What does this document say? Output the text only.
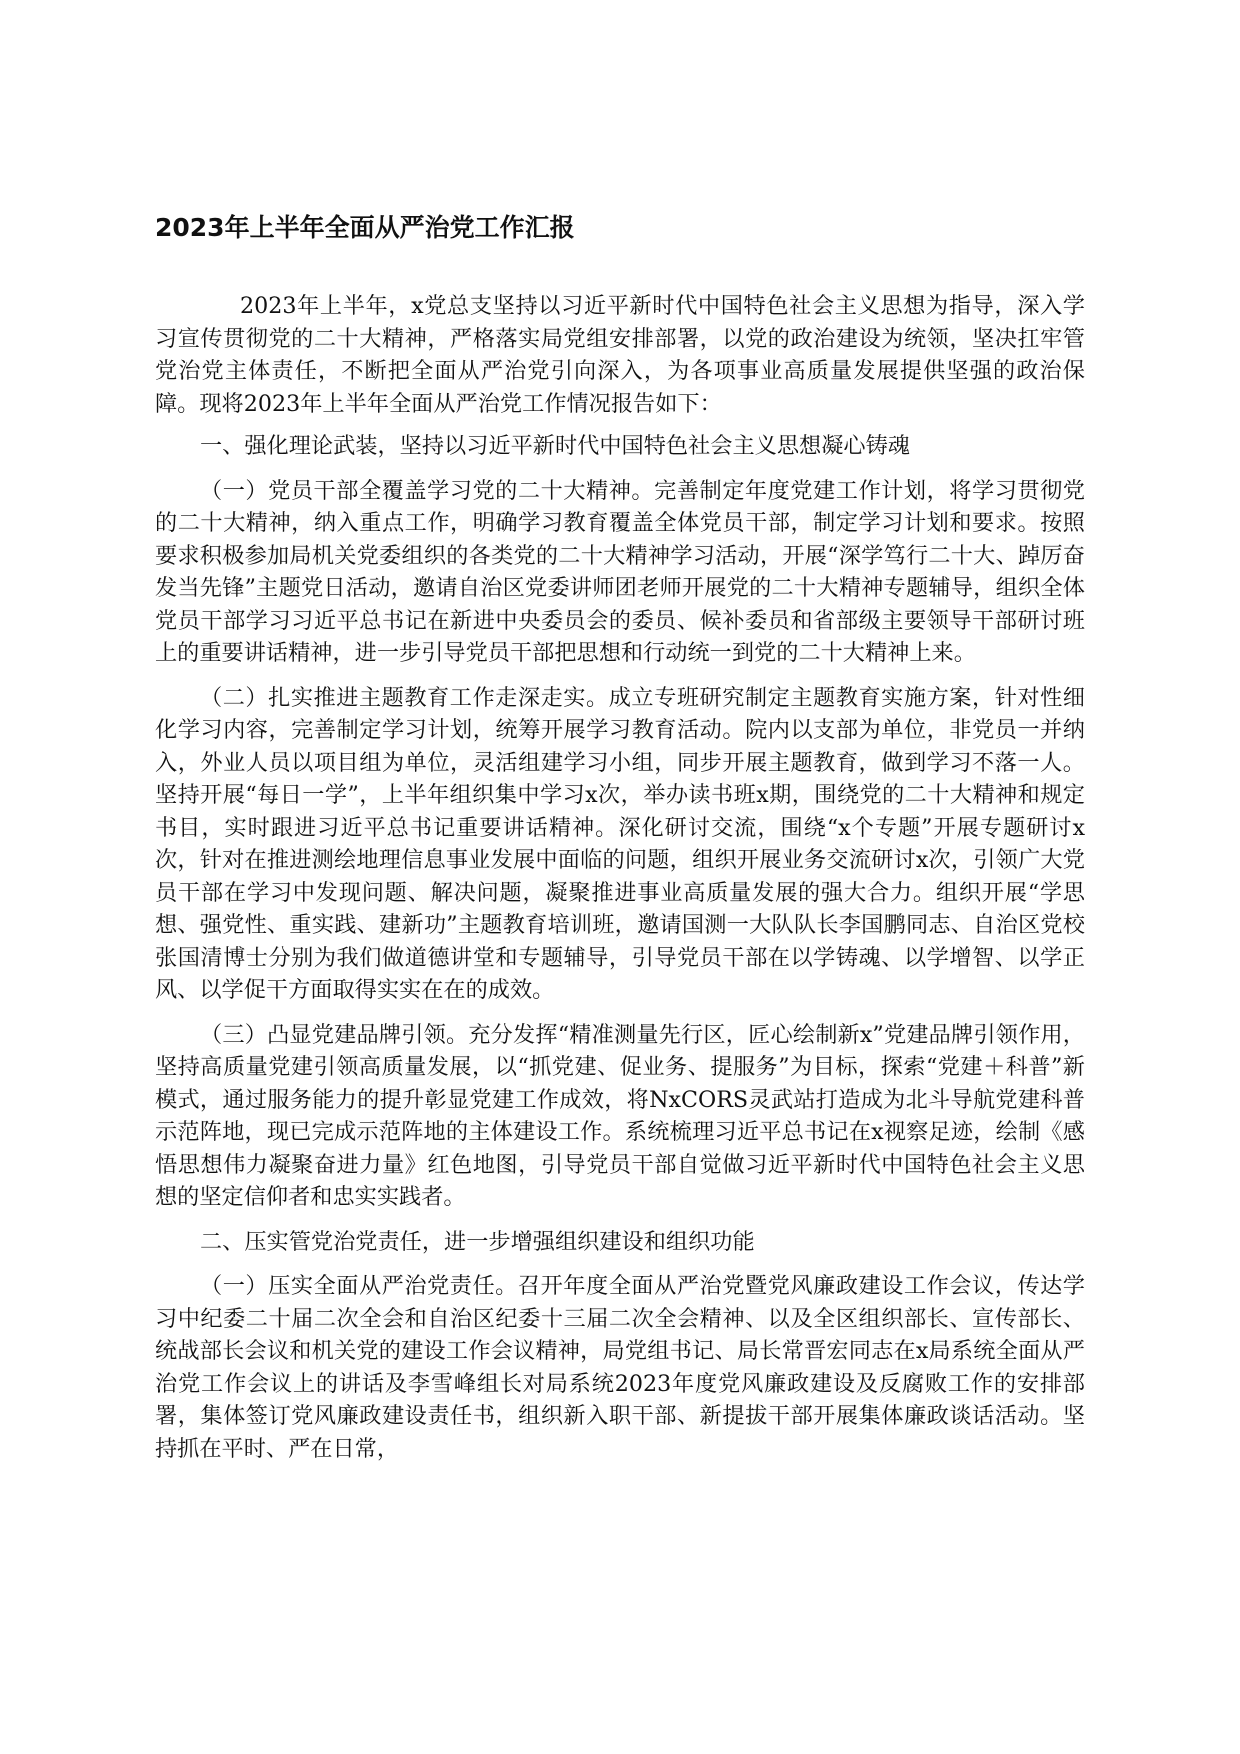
2023年上半年全面从严治党工作汇报

2023年上半年，x党总支坚持以习近平新时代中国特色社会主义思想为指导，深入学习宣传贯彻党的二十大精神，严格落实局党组安排部署，以党的政治建设为统领，坚决扛牢管党治党主体责任，不断把全面从严治党引向深入，为各项事业高质量发展提供坚强的政治保障。现将2023年上半年全面从严治党工作情况报告如下：

一、强化理论武装，坚持以习近平新时代中国特色社会主义思想凝心铸魂

（一）党员干部全覆盖学习党的二十大精神。完善制定年度党建工作计划，将学习贯彻党的二十大精神，纳入重点工作，明确学习教育覆盖全体党员干部，制定学习计划和要求。按照要求积极参加局机关党委组织的各类党的二十大精神学习活动，开展“深学笃行二十大、踔厉奋发当先锋”主题党日活动，邀请自治区党委讲师团老师开展党的二十大精神专题辅导，组织全体党员干部学习习近平总书记在新进中央委员会的委员、候补委员和省部级主要领导干部研讨班上的重要讲话精神，进一步引导党员干部把思想和行动统一到党的二十大精神上来。

（二）扎实推进主题教育工作走深走实。成立专班研究制定主题教育实施方案，针对性细化学习内容，完善制定学习计划，统筹开展学习教育活动。院内以支部为单位，非党员一并纳入，外业人员以项目组为单位，灵活组建学习小组，同步开展主题教育，做到学习不落一人。坚持开展“每日一学”，上半年组织集中学习x次，举办读书班x期，围绕党的二十大精神和规定书目，实时跟进习近平总书记重要讲话精神。深化研讨交流，围绕“x个专题”开展专题研讨x次，针对在推进测绘地理信息事业发展中面临的问题，组织开展业务交流研讨x次，引领广大党员干部在学习中发现问题、解决问题，凝聚推进事业高质量发展的强大合力。组织开展“学思想、强党性、重实践、建新功”主题教育培训班，邀请国测一大队队长李国鹏同志、自治区党校张国清博士分别为我们做道德讲堂和专题辅导，引导党员干部在以学铸魂、以学增智、以学正风、以学促干方面取得实实在在的成效。

（三）凸显党建品牌引领。充分发挥“精准测量先行区，匠心绘制新x”党建品牌引领作用，坚持高质量党建引领高质量发展，以“抓党建、促业务、提服务”为目标，探索“党建＋科普”新模式，通过服务能力的提升彰显党建工作成效，将NxCORS灵武站打造成为北斗导航党建科普示范阵地，现已完成示范阵地的主体建设工作。系统梳理习近平总书记在x视察足迹，绘制《感悟思想伟力凝聚奋进力量》红色地图，引导党员干部自觉做习近平新时代中国特色社会主义思想的坚定信仰者和忠实实践者。

二、压实管党治党责任，进一步增强组织建设和组织功能

（一）压实全面从严治党责任。召开年度全面从严治党暨党风廉政建设工作会议，传达学习中纪委二十届二次全会和自治区纪委十三届二次全会精神、以及全区组织部长、宣传部长、统战部长会议和机关党的建设工作会议精神，局党组书记、局长常晋宏同志在x局系统全面从严治党工作会议上的讲话及李雪峰组长对局系统2023年度党风廉政建设及反腐败工作的安排部署，集体签订党风廉政建设责任书，组织新入职干部、新提拔干部开展集体廉政谈话活动。坚持抓在平时、严在日常，
